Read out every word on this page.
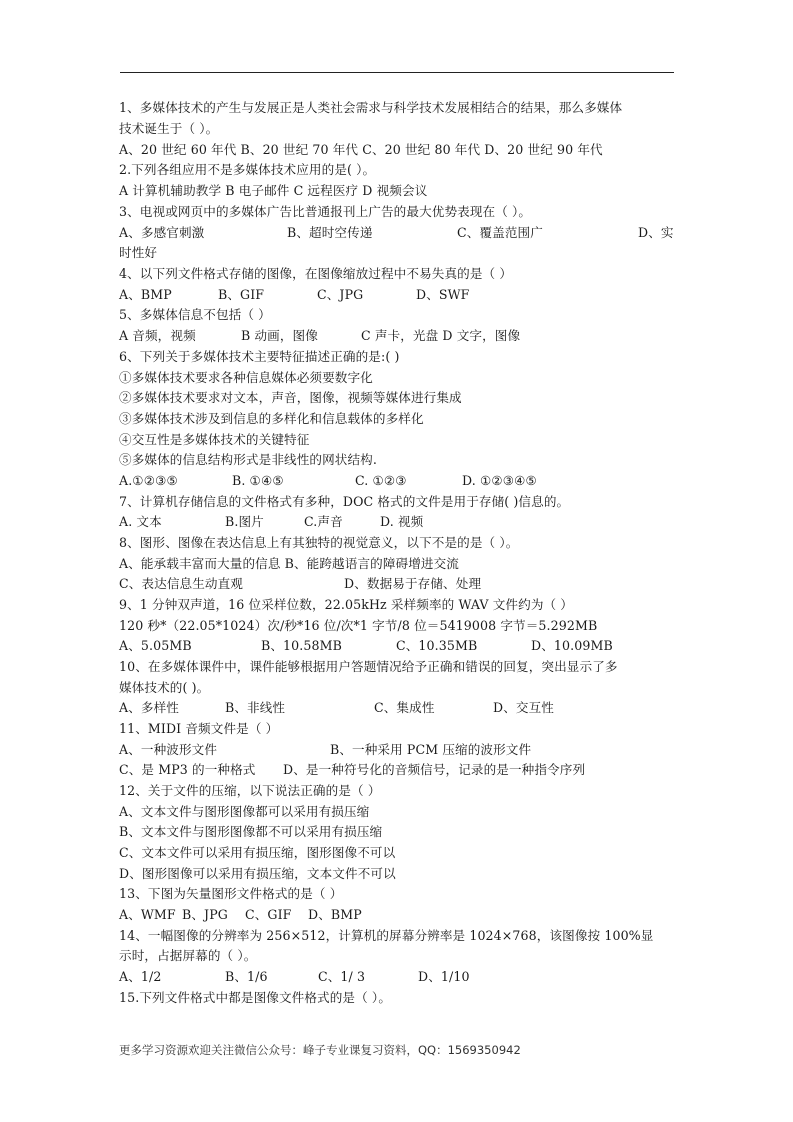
1、多媒体技术的产生与发展正是人类社会需求与科学技术发展相结合的结果，那么多媒体
技术诞生于（ ）。
A、20 世纪 60 年代 B、20 世纪 70 年代 C、20 世纪 80 年代 D、20 世纪 90 年代
2.下列各组应用不是多媒体技术应用的是( ）。
A 计算机辅助教学 B 电子邮件 C 远程医疗 D 视频会议
3、电视或网页中的多媒体广告比普通报刊上广告的最大优势表现在（ ）。
A、多感官刺激	B、超时空传递	C、覆盖范围广	D、实
时性好
4、以下列文件格式存储的图像，在图像缩放过程中不易失真的是（ ）
A、BMP	B、GIF	C、JPG	D、SWF
5、多媒体信息不包括（ ）
A 音频，视频	B 动画，图像	C 声卡，光盘 D 文字，图像
6、下列关于多媒体技术主要特征描述正确的是:( )
①多媒体技术要求各种信息媒体必须要数字化
②多媒体技术要求对文本，声音，图像，视频等媒体进行集成
③多媒体技术涉及到信息的多样化和信息载体的多样化
④交互性是多媒体技术的关键特征
⑤多媒体的信息结构形式是非线性的网状结构.
A.①②③⑤	B. ①④⑤	C. ①②③	D. ①②③④⑤
7、计算机存储信息的文件格式有多种，DOC 格式的文件是用于存储( )信息的。
A. 文本	B.图片	C.声音	D. 视频
8、图形、图像在表达信息上有其独特的视觉意义，以下不是的是（ ）。
A、能承载丰富而大量的信息 B、能跨越语言的障碍增进交流
C、表达信息生动直观	D、数据易于存储、处理
9、1 分钟双声道，16 位采样位数，22.05kHz 采样频率的 WAV 文件约为（ ）
120 秒*（22.05*1024）次/秒*16 位/次*1 字节/8 位＝5419008 字节＝5.292MB
A、5.05MB	B、10.58MB	C、10.35MB	D、10.09MB
10、在多媒体课件中，课件能够根据用户答题情况给予正确和错误的回复，突出显示了多
媒体技术的( )。
A、多样性	B、非线性	C、集成性	D、交互性
11、MIDI 音频文件是（ ）
A、一种波形文件	B、一种采用 PCM 压缩的波形文件
C、是 MP3 的一种格式 D、是一种符号化的音频信号，记录的是一种指令序列
12、关于文件的压缩，以下说法正确的是（ ）
A、文本文件与图形图像都可以采用有损压缩
B、文本文件与图形图像都不可以采用有损压缩
C、文本文件可以采用有损压缩，图形图像不可以
D、图形图像可以采用有损压缩，文本文件不可以
13、下图为矢量图形文件格式的是（ ）
A、WMF B、JPG C、GIF D、BMP
14、一幅图像的分辨率为 256×512，计算机的屏幕分辨率是 1024×768，该图像按 100%显
示时，占据屏幕的（ ）。
A、1/2	B、1/6	C、1/ 3	D、1/10
15.下列文件格式中都是图像文件格式的是（ ）。
更多学习资源欢迎关注微信公众号：峰子专业课复习资料，QQ：1569350942
